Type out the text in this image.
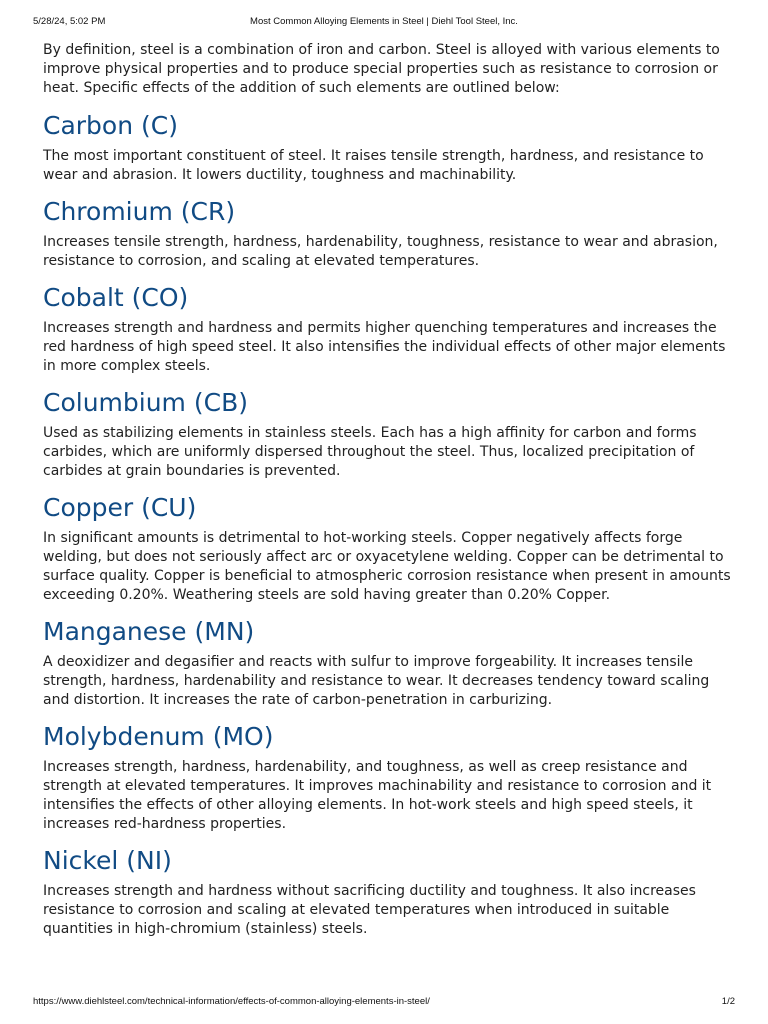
5/28/24, 5:02 PM	Most Common Alloying Elements in Steel | Diehl Tool Steel, Inc.

By definition, steel is a combination of iron and carbon. Steel is alloyed with various elements to improve physical properties and to produce special properties such as resistance to corrosion or heat. Specific effects of the addition of such elements are outlined below:

Carbon (C)

The most important constituent of steel. It raises tensile strength, hardness, and resistance to wear and abrasion. It lowers ductility, toughness and machinability.

Chromium (CR)

Increases tensile strength, hardness, hardenability, toughness, resistance to wear and abrasion, resistance to corrosion, and scaling at elevated temperatures.

Cobalt (CO)

Increases strength and hardness and permits higher quenching temperatures and increases the red hardness of high speed steel. It also intensifies the individual effects of other major elements in more complex steels.

Columbium (CB)

Used as stabilizing elements in stainless steels. Each has a high affinity for carbon and forms carbides, which are uniformly dispersed throughout the steel. Thus, localized precipitation of carbides at grain boundaries is prevented.

Copper (CU)

In significant amounts is detrimental to hot-working steels. Copper negatively affects forge welding, but does not seriously affect arc or oxyacetylene welding. Copper can be detrimental to surface quality. Copper is beneficial to atmospheric corrosion resistance when present in amounts exceeding 0.20%. Weathering steels are sold having greater than 0.20% Copper.

Manganese (MN)

A deoxidizer and degasifier and reacts with sulfur to improve forgeability. It increases tensile strength, hardness, hardenability and resistance to wear. It decreases tendency toward scaling and distortion. It increases the rate of carbon-penetration in carburizing.

Molybdenum (MO)

Increases strength, hardness, hardenability, and toughness, as well as creep resistance and strength at elevated temperatures. It improves machinability and resistance to corrosion and it intensifies the effects of other alloying elements. In hot-work steels and high speed steels, it increases red-hardness properties.

Nickel (NI)

Increases strength and hardness without sacrificing ductility and toughness. It also increases resistance to corrosion and scaling at elevated temperatures when introduced in suitable quantities in high-chromium (stainless) steels.

https://www.diehlsteel.com/technical-information/effects-of-common-alloying-elements-in-steel/	1/2
